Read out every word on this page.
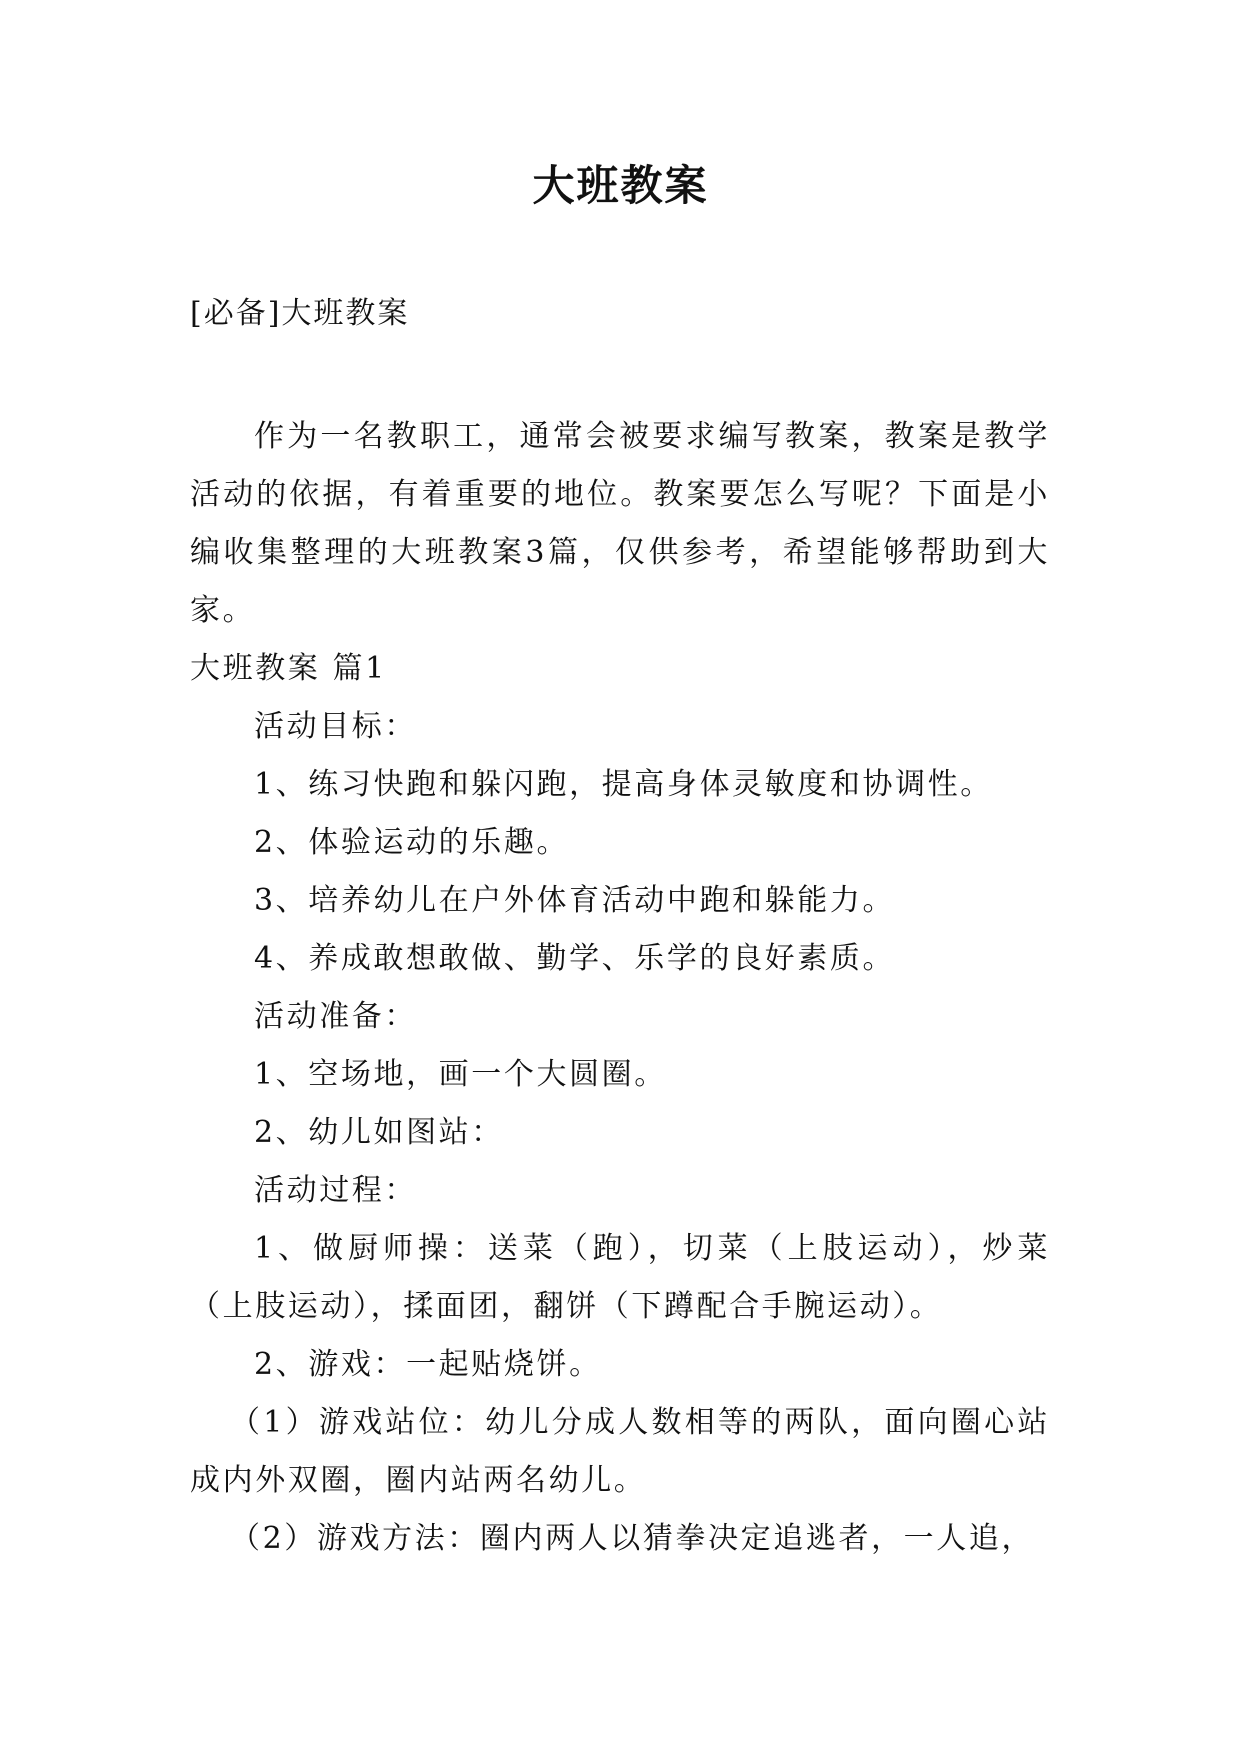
大班教案
[必备]大班教案

作为一名教职工，通常会被要求编写教案，教案是教学活动的依据，有着重要的地位。教案要怎么写呢？下面是小编收集整理的大班教案3篇，仅供参考，希望能够帮助到大家。

大班教案 篇1

活动目标：

1、练习快跑和躲闪跑，提高身体灵敏度和协调性。

2、体验运动的乐趣。

3、培养幼儿在户外体育活动中跑和躲能力。

4、养成敢想敢做、勤学、乐学的良好素质。

活动准备：

1、空场地，画一个大圆圈。

2、幼儿如图站：

活动过程：

1、做厨师操：送菜（跑），切菜（上肢运动），炒菜（上肢运动），揉面团，翻饼（下蹲配合手腕运动）。

2、游戏：一起贴烧饼。

（1）游戏站位：幼儿分成人数相等的两队，面向圈心站成内外双圈，圈内站两名幼儿。

（2）游戏方法：圈内两人以猜拳决定追逃者，一人追，
